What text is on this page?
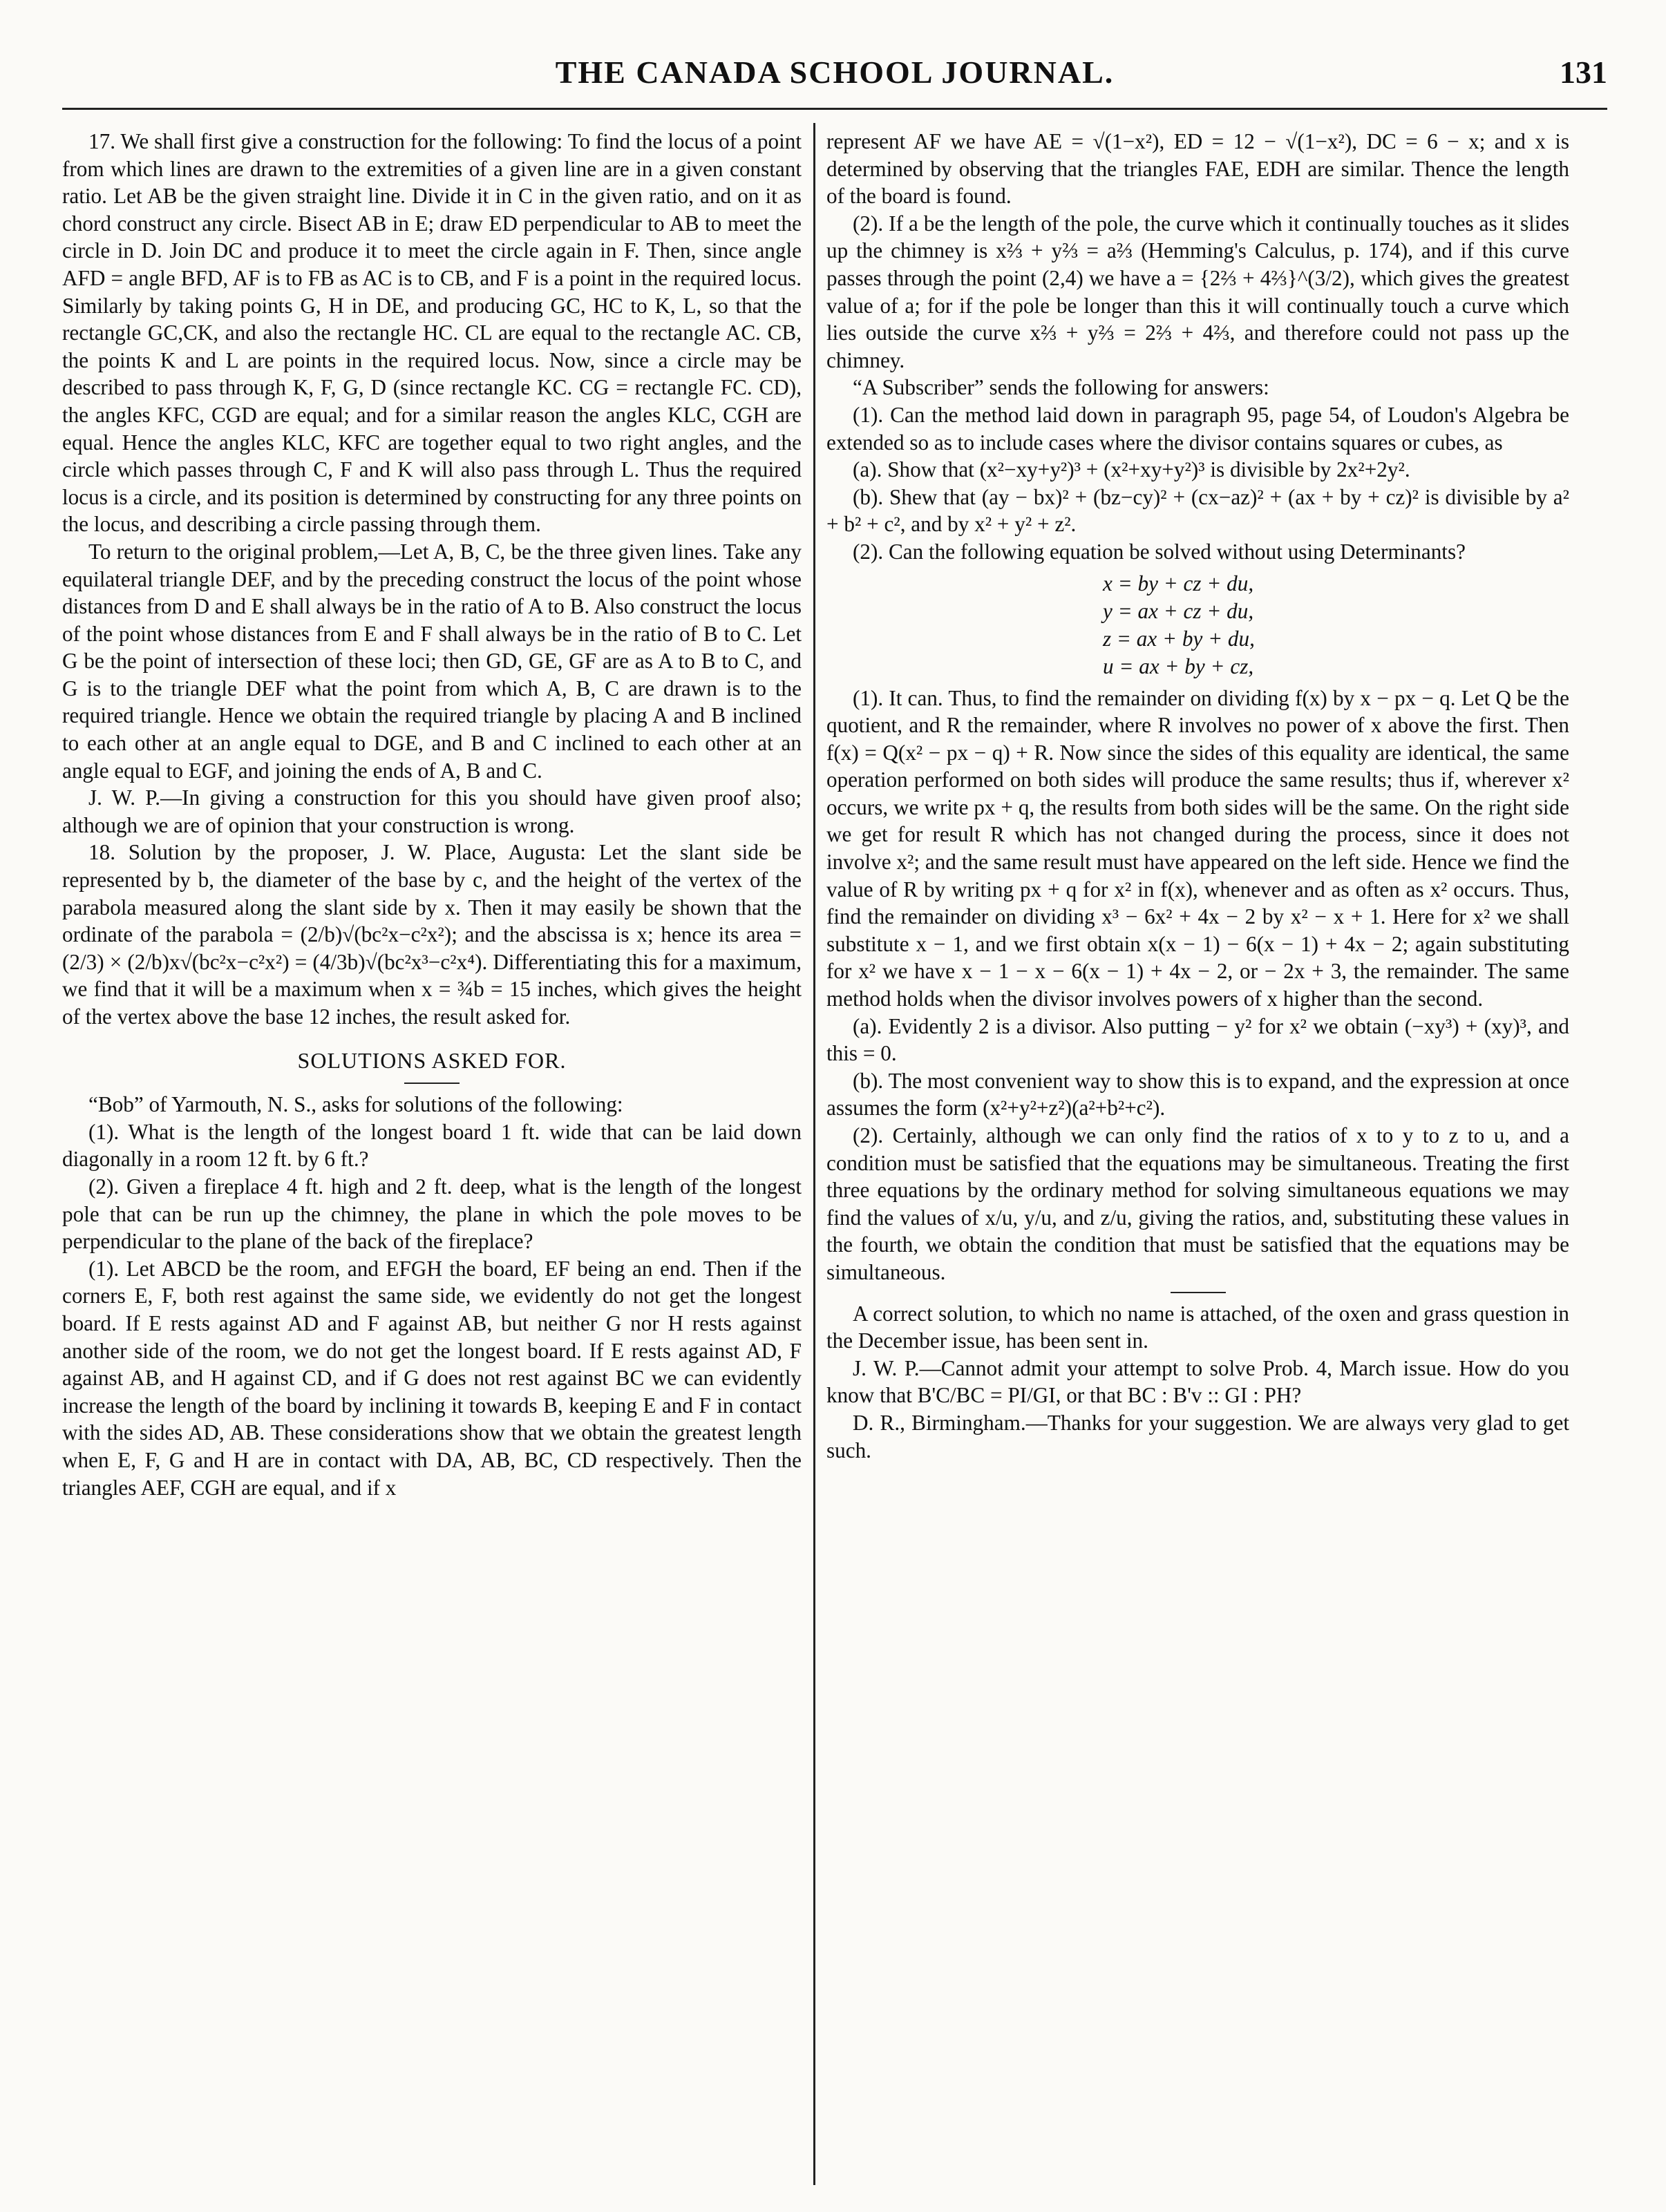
THE CANADA SCHOOL JOURNAL.	131

17. We shall first give a construction for the following: To find the locus of a point from which lines are drawn to the extremities of a given line are in a given constant ratio. Let AB be the given straight line. Divide it in C in the given ratio, and on it as chord construct any circle. Bisect AB in E; draw ED perpendicular to AB to meet the circle in D. Join DC and produce it to meet the circle again in F. Then, since angle AFD = angle BFD, AF is to FB as AC is to CB, and F is a point in the required locus. Similarly by taking points G, H in DE, and producing GC, HC to K, L, so that the rectangle GC,CK, and also the rectangle HC. CL are equal to the rectangle AC. CB, the points K and L are points in the required locus. Now, since a circle may be described to pass through K, F, G, D (since rectangle KC. CG = rectangle FC. CD), the angles KFC, CGD are equal; and for a similar reason the angles KLC, CGH are equal. Hence the angles KLC, KFC are together equal to two right angles, and the circle which passes through C, F and K will also pass through L. Thus the required locus is a circle, and its position is determined by constructing for any three points on the locus, and describing a circle passing through them.

To return to the original problem,—Let A, B, C, be the three given lines. Take any equilateral triangle DEF, and by the preceding construct the locus of the point whose distances from D and E shall always be in the ratio of A to B. Also construct the locus of the point whose distances from E and F shall always be in the ratio of B to C. Let G be the point of intersection of these loci; then GD, GE, GF are as A to B to C, and G is to the triangle DEF what the point from which A, B, C are drawn is to the required triangle. Hence we obtain the required triangle by placing A and B inclined to each other at an angle equal to DGE, and B and C inclined to each other at an angle equal to EGF, and joining the ends of A, B and C.

J. W. P.—In giving a construction for this you should have given proof also; although we are of opinion that your construction is wrong.

18. Solution by the proposer, J. W. Place, Augusta: Let the slant side be represented by b, the diameter of the base by c, and the height of the vertex of the parabola measured along the slant side by x. Then it may easily be shown that the ordinate of the parabola = (2/b)√(bc²x−c²x²); and the abscissa is x; hence its area = (2/3) × (2/b)x√(bc²x−c²x²) = (4/3b)√(bc²x³−c²x⁴). Differentiating this for a maximum, we find that it will be a maximum when x = ¾b = 15 inches, which gives the height of the vertex above the base 12 inches, the result asked for.

SOLUTIONS ASKED FOR.

“Bob” of Yarmouth, N. S., asks for solutions of the following:

(1). What is the length of the longest board 1 ft. wide that can be laid down diagonally in a room 12 ft. by 6 ft.?

(2). Given a fireplace 4 ft. high and 2 ft. deep, what is the length of the longest pole that can be run up the chimney, the plane in which the pole moves to be perpendicular to the plane of the back of the fireplace?

(1). Let ABCD be the room, and EFGH the board, EF being an end. Then if the corners E, F, both rest against the same side, we evidently do not get the longest board. If E rests against AD and F against AB, but neither G nor H rests against another side of the room, we do not get the longest board. If E rests against AD, F against AB, and H against CD, and if G does not rest against BC we can evidently increase the length of the board by inclining it towards B, keeping E and F in contact with the sides AD, AB. These considerations show that we obtain the greatest length when E, F, G and H are in contact with DA, AB, BC, CD respectively. Then the triangles AEF, CGH are equal, and if x

represent AF we have AE = √(1−x²), ED = 12 − √(1−x²), DC = 6 − x; and x is determined by observing that the triangles FAE, EDH are similar. Thence the length of the board is found.

(2). If a be the length of the pole, the curve which it continually touches as it slides up the chimney is x⅔ + y⅔ = a⅔ (Hemming's Calculus, p. 174), and if this curve passes through the point (2,4) we have a = {2⅔ + 4⅔}^(3/2), which gives the greatest value of a; for if the pole be longer than this it will continually touch a curve which lies outside the curve x⅔ + y⅔ = 2⅔ + 4⅔, and therefore could not pass up the chimney.

“A Subscriber” sends the following for answers:

(1). Can the method laid down in paragraph 95, page 54, of Loudon's Algebra be extended so as to include cases where the divisor contains squares or cubes, as

(a). Show that (x²−xy+y²)³ + (x²+xy+y²)³ is divisible by 2x²+2y².

(b). Shew that (ay − bx)² + (bz−cy)² + (cx−az)² + (ax + by + cz)² is divisible by a² + b² + c², and by x² + y² + z².

(2). Can the following equation be solved without using Determinants?

x = by + cz + du,
y = ax + cz + du,
z = ax + by + du,
u = ax + by + cz,

(1). It can. Thus, to find the remainder on dividing f(x) by x − px − q. Let Q be the quotient, and R the remainder, where R involves no power of x above the first. Then f(x) = Q(x² − px − q) + R. Now since the sides of this equality are identical, the same operation performed on both sides will produce the same results; thus if, wherever x² occurs, we write px + q, the results from both sides will be the same. On the right side we get for result R which has not changed during the process, since it does not involve x²; and the same result must have appeared on the left side. Hence we find the value of R by writing px + q for x² in f(x), whenever and as often as x² occurs. Thus, find the remainder on dividing x³ − 6x² + 4x − 2 by x² − x + 1. Here for x² we shall substitute x − 1, and we first obtain x(x − 1) − 6(x − 1) + 4x − 2; again substituting for x² we have x − 1 − x − 6(x − 1) + 4x − 2, or − 2x + 3, the remainder. The same method holds when the divisor involves powers of x higher than the second.

(a). Evidently 2 is a divisor. Also putting − y² for x² we obtain (−xy³) + (xy)³, and this = 0.

(b). The most convenient way to show this is to expand, and the expression at once assumes the form (x²+y²+z²)(a²+b²+c²).

(2). Certainly, although we can only find the ratios of x to y to z to u, and a condition must be satisfied that the equations may be simultaneous. Treating the first three equations by the ordinary method for solving simultaneous equations we may find the values of x/u, y/u, and z/u, giving the ratios, and, substituting these values in the fourth, we obtain the condition that must be satisfied that the equations may be simultaneous.

A correct solution, to which no name is attached, of the oxen and grass question in the December issue, has been sent in.

J. W. P.—Cannot admit your attempt to solve Prob. 4, March issue. How do you know that B'C/BC = PI/GI, or that BC : B'v :: GI : PH?

D. R., Birmingham.—Thanks for your suggestion. We are always very glad to get such.
